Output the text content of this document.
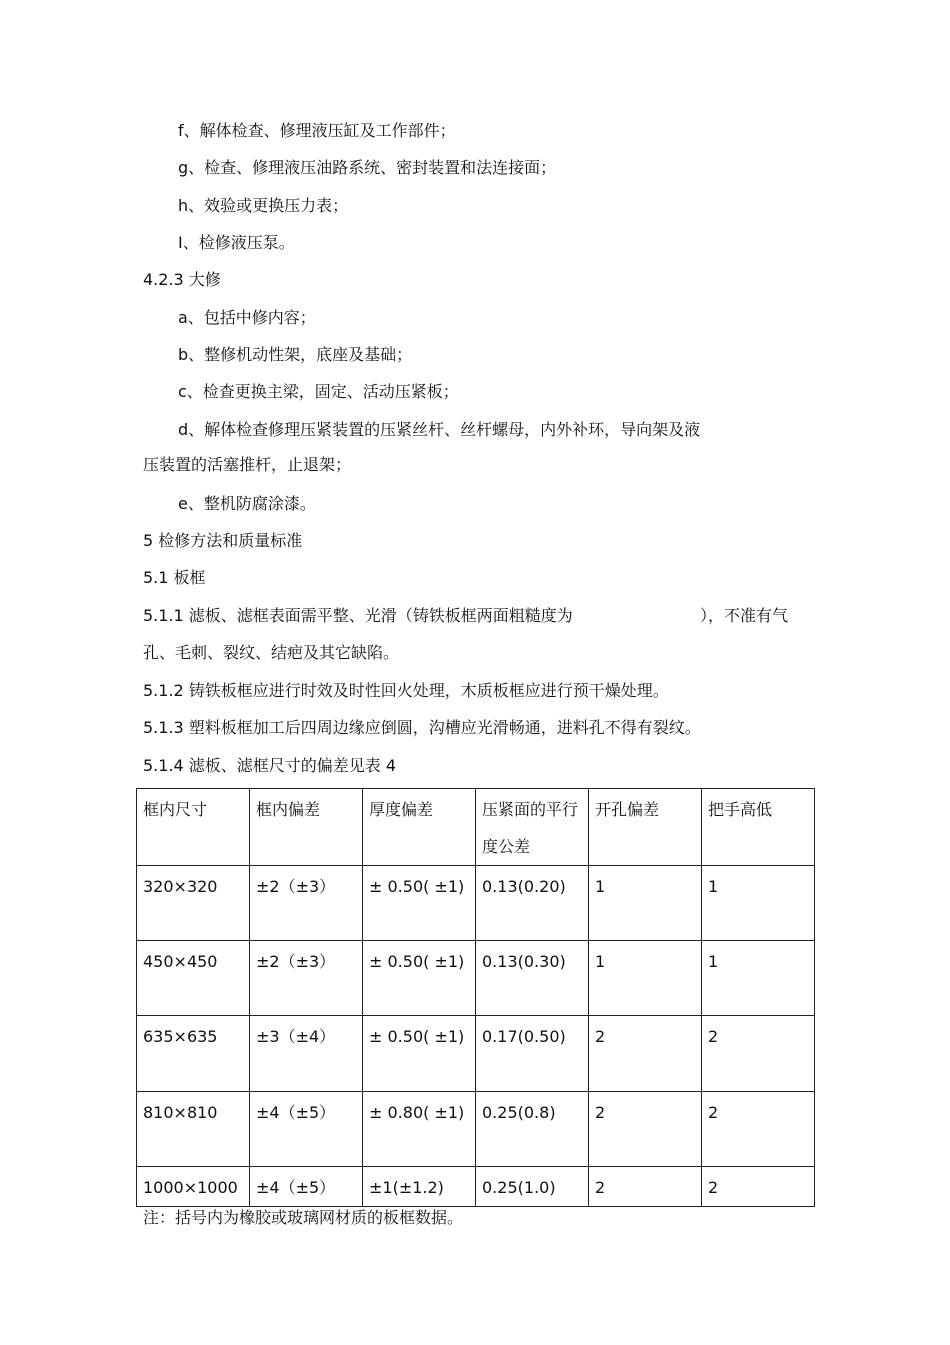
f、解体检查、修理液压缸及工作部件；
g、检查、修理液压油路系统、密封装置和法连接面；
h、效验或更换压力表；
I、检修液压泵。
4.2.3 大修
a、包括中修内容；
b、整修机动性架，底座及基础；
c、检查更换主梁，固定、活动压紧板；
d、解体检查修理压紧装置的压紧丝杆、丝杆螺母，内外补环，导向架及液
压装置的活塞推杆，止退架；
e、整机防腐涂漆。
5 检修方法和质量标准
5.1 板框
5.1.1 滤板、滤框表面需平整、光滑（铸铁板框两面粗糙度为	），不准有气
孔、毛刺、裂纹、结疤及其它缺陷。
5.1.2 铸铁板框应进行时效及时性回火处理，木质板框应进行预干燥处理。
5.1.3 塑料板框加工后四周边缘应倒圆，沟槽应光滑畅通，进料孔不得有裂纹。
5.1.4 滤板、滤框尺寸的偏差见表 4
框内尺寸	框内偏差	厚度偏差	压紧面的平行度公差	开孔偏差	把手高低
320×320	±2（±3）	± 0.50( ±1)	0.13(0.20)	1	1
450×450	±2（±3）	± 0.50( ±1)	0.13(0.30)	1	1
635×635	±3（±4）	± 0.50( ±1)	0.17(0.50)	2	2
810×810	±4（±5）	± 0.80( ±1)	0.25(0.8)	2	2
1000×1000	±4（±5）	±1(±1.2)	0.25(1.0)	2	2
注：括号内为橡胶或玻璃网材质的板框数据。
